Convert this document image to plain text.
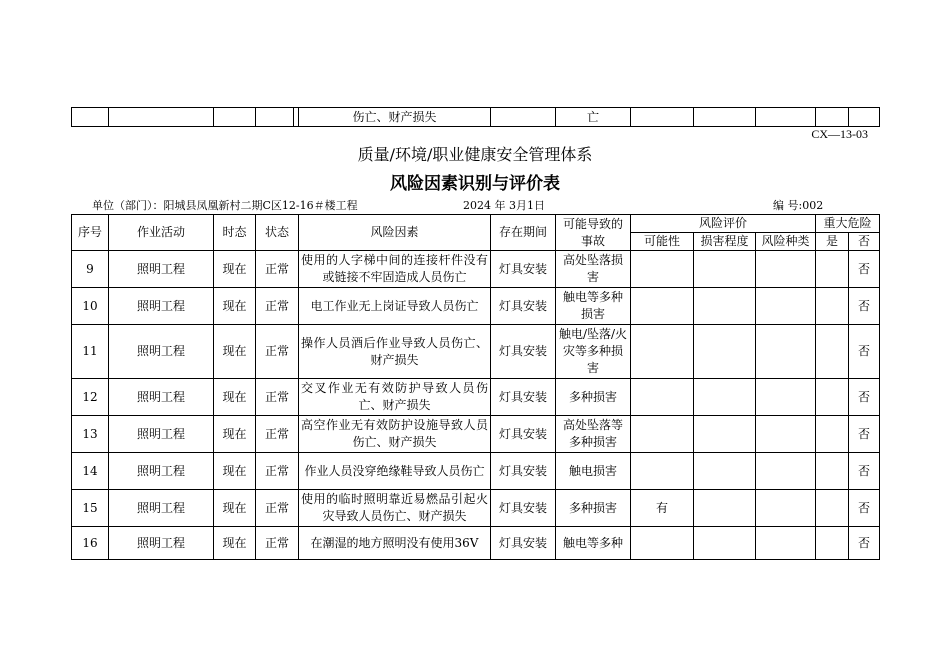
					伤亡、财产损失		亡					
CX—13-03
质量/环境/职业健康安全管理体系
风险因素识别与评价表
单位（部门）：阳城县凤凰新村二期C区12-16＃楼工程	2024 年 3月1日	编 号:002
序号	作业活动	时态	状态	风险因素	存在期间	可能导致的事故	风险评价			重大危险	
							可能性	损害程度	风险种类	是	否
9	照明工程	现在	正常	使用的人字梯中间的连接杆件没有或链接不牢固造成人员伤亡	灯具安装	高处坠落损害					否
10	照明工程	现在	正常	电工作业无上岗证导致人员伤亡	灯具安装	触电等多种损害					否
11	照明工程	现在	正常	操作人员酒后作业导致人员伤亡、财产损失	灯具安装	触电/坠落/火灾等多种损害					否
12	照明工程	现在	正常	交叉作业无有效防护导致人员伤亡、财产损失	灯具安装	多种损害					否
13	照明工程	现在	正常	高空作业无有效防护设施导致人员伤亡、财产损失	灯具安装	高处坠落等多种损害					否
14	照明工程	现在	正常	作业人员没穿绝缘鞋导致人员伤亡	灯具安装	触电损害					否
15	照明工程	现在	正常	使用的临时照明靠近易燃品引起火灾导致人员伤亡、财产损失	灯具安装	多种损害	有				否
16	照明工程	现在	正常	在潮湿的地方照明没有使用36V	灯具安装	触电等多种					否
